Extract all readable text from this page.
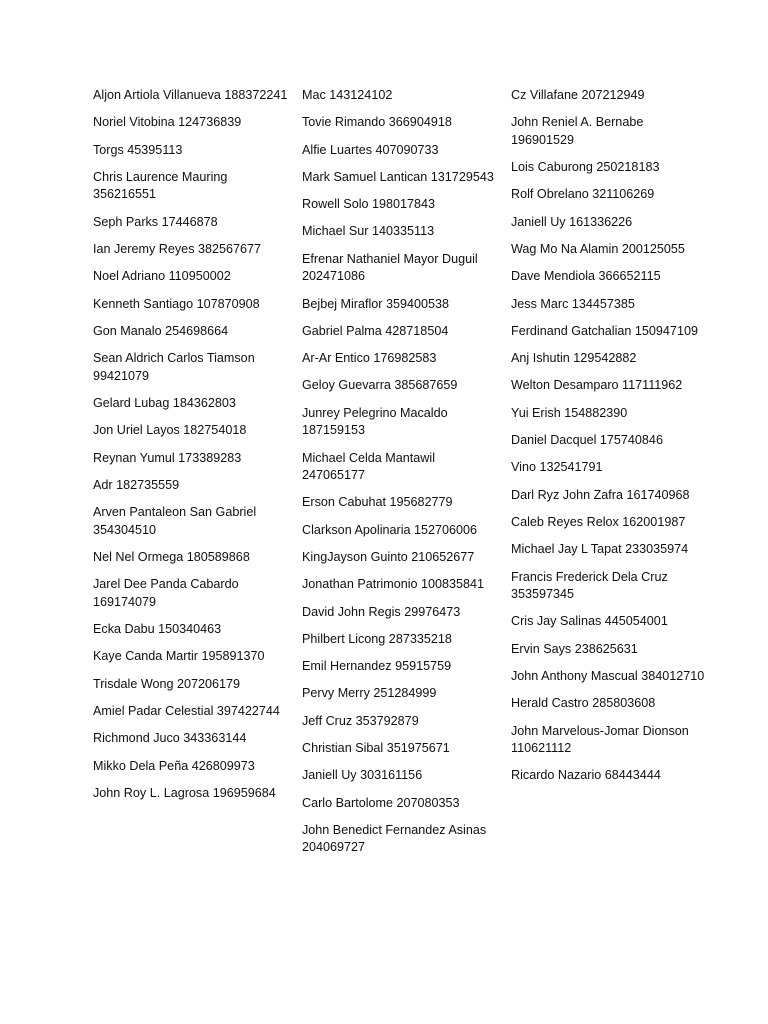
Aljon Artiola Villanueva 188372241

Noriel Vitobina 124736839

Torgs 45395113

Chris Laurence Mauring 356216551

Seph Parks 17446878

Ian Jeremy Reyes 382567677

Noel Adriano 110950002

Kenneth Santiago 107870908

Gon Manalo 254698664

Sean Aldrich Carlos Tiamson 99421079

Gelard Lubag 184362803

Jon Uriel Layos 182754018

Reynan Yumul 173389283

Adr 182735559

Arven Pantaleon San Gabriel 354304510

Nel Nel Ormega 180589868

Jarel Dee Panda Cabardo 169174079

Ecka Dabu 150340463

Kaye Canda Martir 195891370

Trisdale Wong 207206179

Amiel Padar Celestial 397422744

Richmond Juco 343363144

Mikko Dela Peña 426809973

John Roy L. Lagrosa 196959684

Mac 143124102

Tovie Rimando 366904918

Alfie Luartes 407090733

Mark Samuel Lantican 131729543

Rowell Solo 198017843

Michael Sur 140335113

Efrenar Nathaniel Mayor Duguil 202471086

Bejbej Miraflor 359400538

Gabriel Palma 428718504

Ar-Ar Entico 176982583

Geloy Guevarra 385687659

Junrey Pelegrino Macaldo 187159153

Michael Celda Mantawil 247065177

Erson Cabuhat 195682779

Clarkson Apolinaria 152706006

KingJayson Guinto 210652677

Jonathan Patrimonio 100835841

David John Regis 29976473

Philbert Licong 287335218

Emil Hernandez 95915759

Pervy Merry 251284999

Jeff Cruz 353792879

Christian Sibal 351975671

Janiell Uy 303161156

Carlo Bartolome 207080353

John Benedict Fernandez Asinas 204069727

Cz Villafane 207212949

John Reniel A. Bernabe 196901529

Lois Caburong 250218183

Rolf Obrelano 321106269

Janiell Uy 161336226

Wag Mo Na Alamin 200125055

Dave Mendiola 366652115

Jess Marc 134457385

Ferdinand Gatchalian 150947109

Anj Ishutin 129542882

Welton Desamparo 117111962

Yui Erish 154882390

Daniel Dacquel 175740846

Vino 132541791

Darl Ryz John Zafra 161740968

Caleb Reyes Relox 162001987

Michael Jay L Tapat 233035974

Francis Frederick Dela Cruz 353597345

Cris Jay Salinas 445054001

Ervin Says 238625631

John Anthony Mascual 384012710

Herald Castro 285803608

John Marvelous-Jomar Dionson 110621112

Ricardo Nazario 68443444
